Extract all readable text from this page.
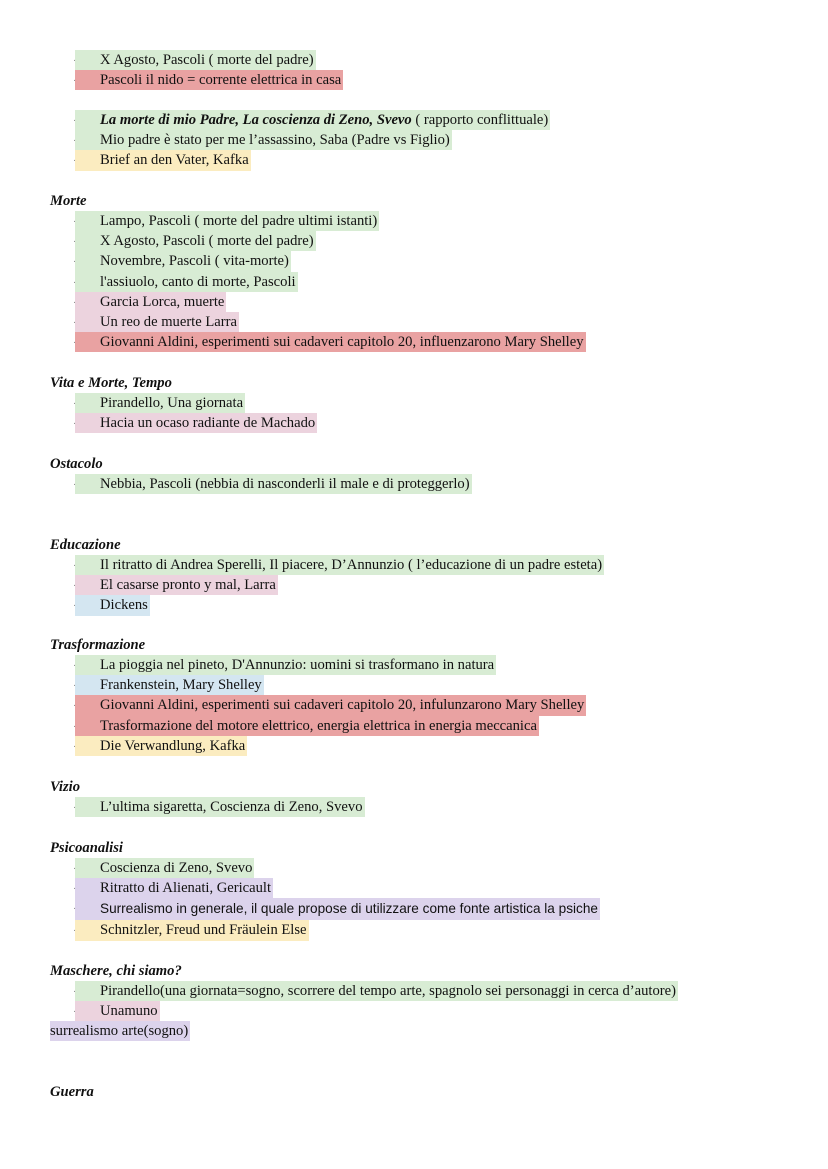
X Agosto, Pascoli ( morte del padre)
Pascoli il nido = corrente elettrica in casa
La morte di mio Padre, La coscienza di Zeno, Svevo ( rapporto conflittuale)
Mio padre è stato per me l’assassino, Saba (Padre vs Figlio)
Brief an den Vater, Kafka
Morte
Lampo, Pascoli ( morte del padre ultimi istanti)
X Agosto, Pascoli ( morte del padre)
Novembre, Pascoli ( vita-morte)
l'assiuolo, canto di morte, Pascoli
Garcia Lorca, muerte
Un reo de muerte Larra
Giovanni Aldini, esperimenti sui cadaveri capitolo 20, influenzarono Mary Shelley
Vita e Morte, Tempo
Pirandello, Una giornata
Hacia un ocaso radiante de Machado
Ostacolo
Nebbia, Pascoli (nebbia di nasconderli il male e di proteggerlo)
Educazione
Il ritratto di Andrea Sperelli, Il piacere, D’Annunzio ( l’educazione di un padre esteta)
El casarse pronto y mal, Larra
Dickens
Trasformazione
La pioggia nel pineto, D'Annunzio: uomini si trasformano in natura
Frankenstein, Mary Shelley
Giovanni Aldini, esperimenti sui cadaveri capitolo 20, infulunzarono Mary Shelley
Trasformazione del motore elettrico, energia elettrica in energia meccanica
Die Verwandlung, Kafka
Vizio
L’ultima sigaretta, Coscienza di Zeno, Svevo
Psicoanalisi
Coscienza di Zeno, Svevo
Ritratto di Alienati, Gericault
Surrealismo in generale, il quale propose di utilizzare come fonte artistica la psiche
Schnitzler, Freud und Fräulein Else
Maschere, chi siamo?
Pirandello(una giornata=sogno, scorrere del tempo arte, spagnolo sei personaggi in cerca d’autore)
Unamuno
surrealismo arte(sogno)
Guerra
